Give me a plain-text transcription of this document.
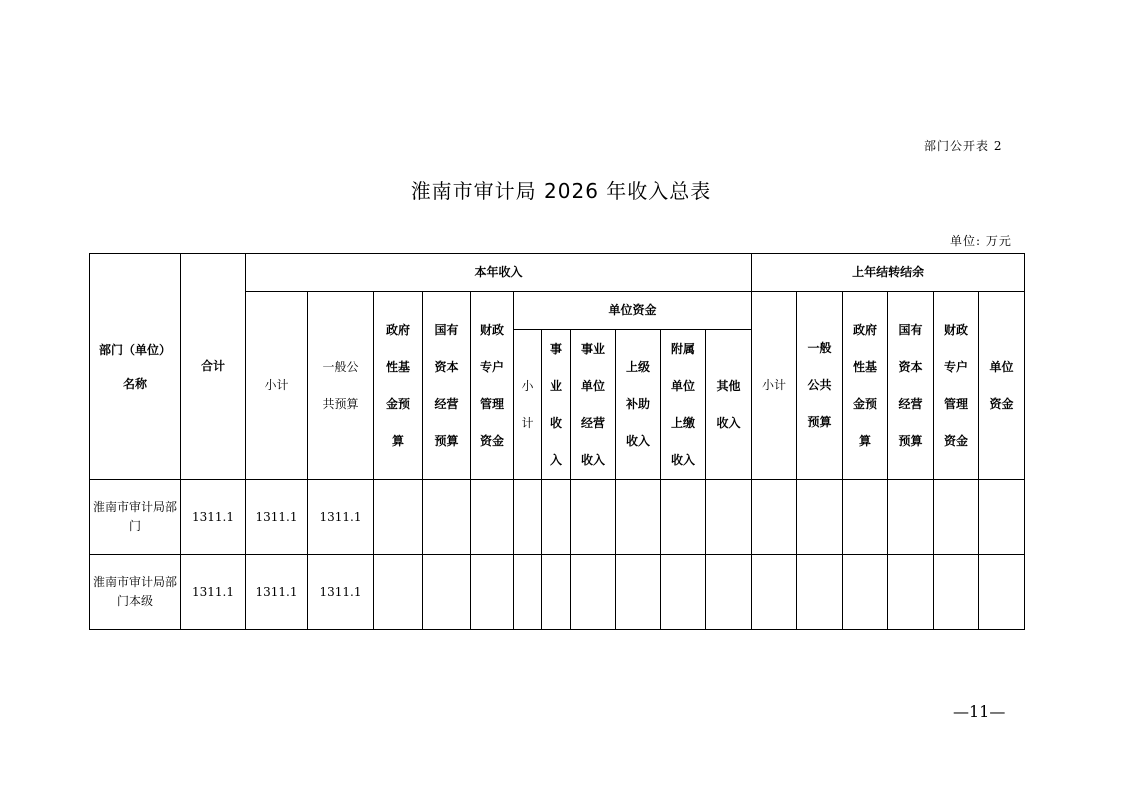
部门公开表 2
淮南市审计局 2026 年收入总表
单位: 万元
部门（单位）名称	合计	本年收入											上年结转结余					
		小计	一般公共预算	政府性基金预算	国有资本经营预算	财政专户管理资金	单位资金						小计	一般公共预算	政府性基金预算	国有资本经营预算	财政专户管理资金	单位资金
							小计	事业收入	事业单位经营收入	上级补助收入	附属单位上缴收入	其他收入						
淮南市审计局部门	1311.1	1311.1	1311.1															
淮南市审计局部门本级	1311.1	1311.1	1311.1															
—11—
